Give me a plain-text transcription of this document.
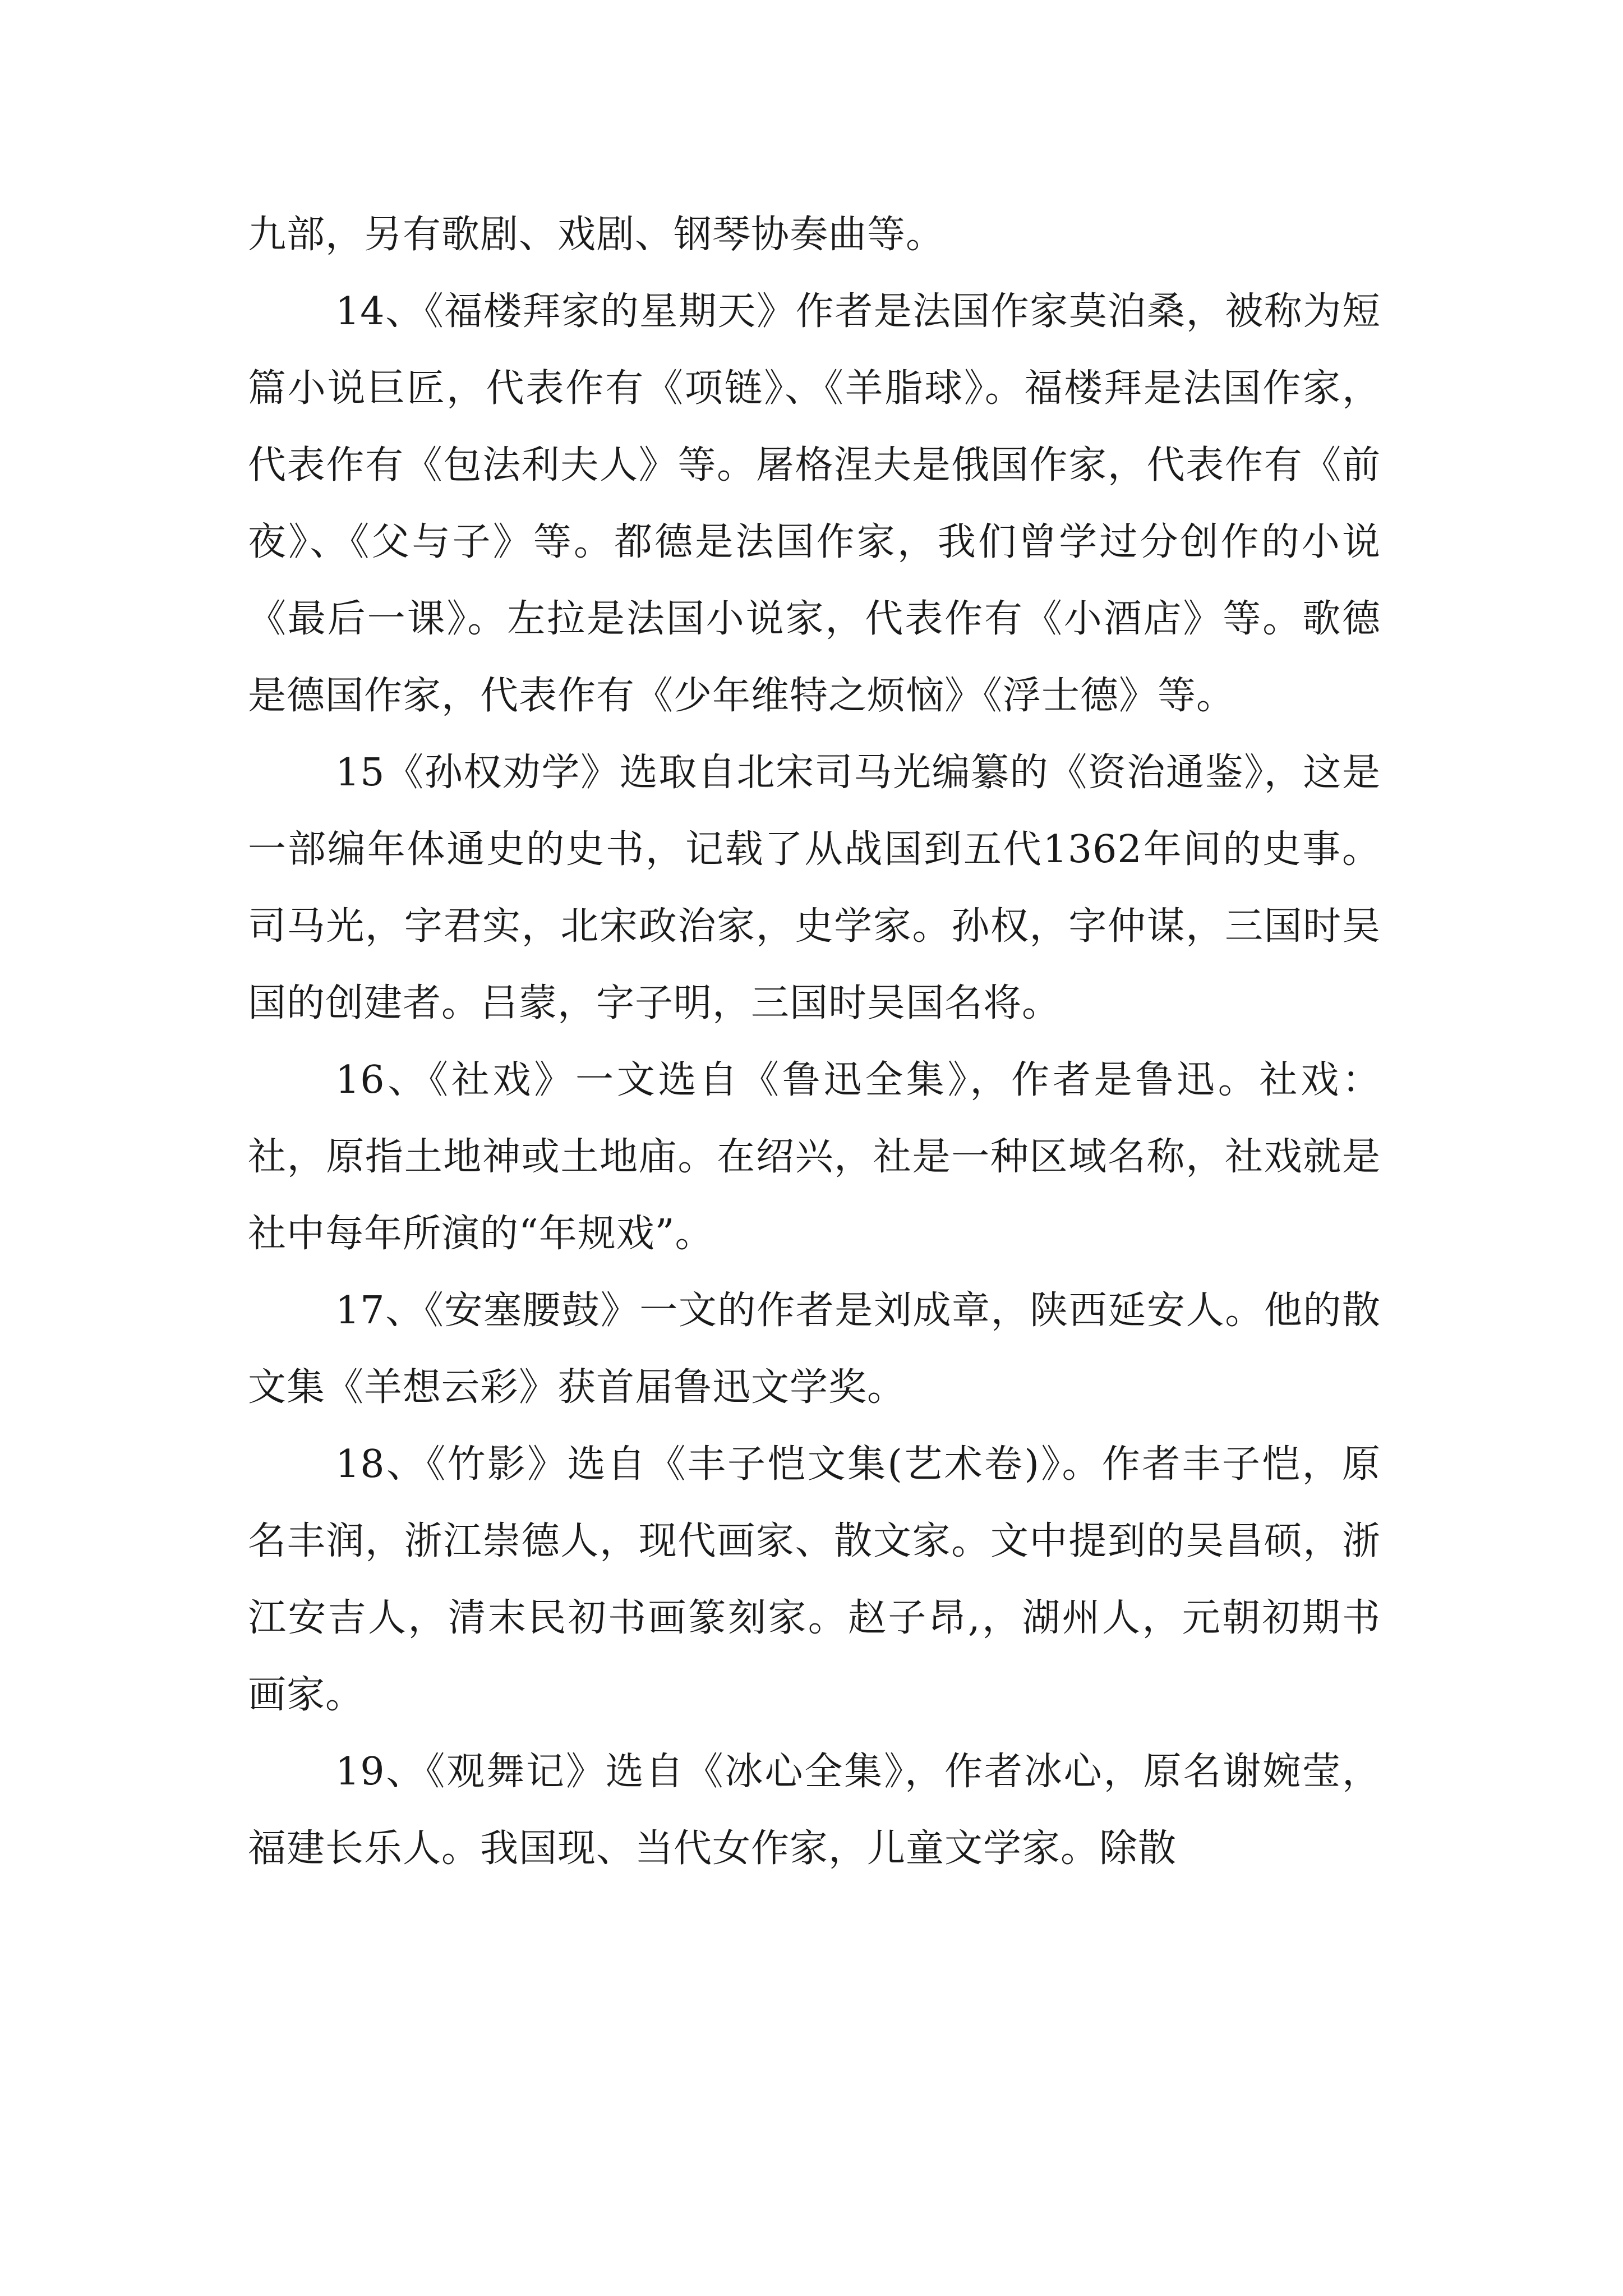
九部，另有歌剧、戏剧、钢琴协奏曲等。

14、《福楼拜家的星期天》作者是法国作家莫泊桑，被称为短篇小说巨匠，代表作有《项链》、《羊脂球》。福楼拜是法国作家，代表作有《包法利夫人》等。屠格涅夫是俄国作家，代表作有《前夜》、《父与子》等。都德是法国作家，我们曾学过分创作的小说《最后一课》。左拉是法国小说家，代表作有《小酒店》等。歌德是德国作家，代表作有《少年维特之烦恼》《浮士德》等。

15《孙权劝学》选取自北宋司马光编纂的《资治通鉴》，这是一部编年体通史的史书，记载了从战国到五代1362年间的史事。司马光，字君实，北宋政治家，史学家。孙权，字仲谋，三国时吴国的创建者。吕蒙，字子明，三国时吴国名将。

16、《社戏》一文选自《鲁迅全集》，作者是鲁迅。社戏：社，原指土地神或土地庙。在绍兴，社是一种区域名称，社戏就是社中每年所演的“年规戏”。

17、《安塞腰鼓》一文的作者是刘成章，陕西延安人。他的散文集《羊想云彩》获首届鲁迅文学奖。

18、《竹影》选自《丰子恺文集(艺术卷)》。作者丰子恺，原名丰润，浙江崇德人，现代画家、散文家。文中提到的吴昌硕，浙江安吉人，清末民初书画篆刻家。赵子昂,，湖州人，元朝初期书画家。

19、《观舞记》选自《冰心全集》，作者冰心，原名谢婉莹，福建长乐人。我国现、当代女作家，儿童文学家。除散
